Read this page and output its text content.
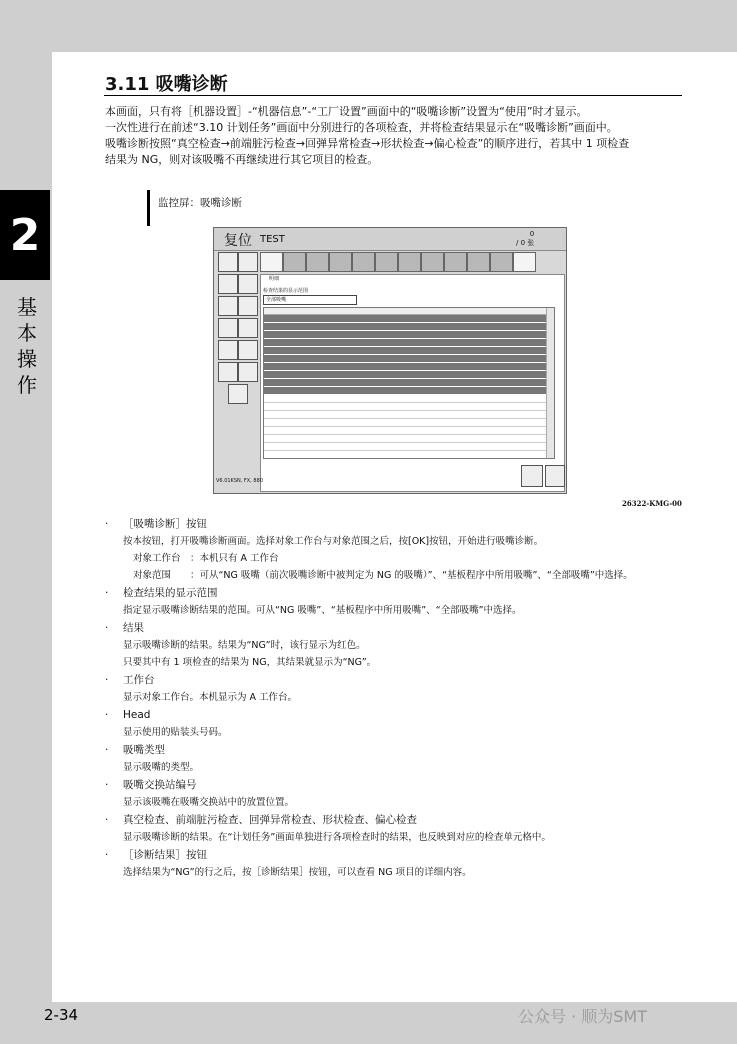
2
基本操作
3.11 吸嘴诊断

本画面，只有将［机器设置］-“机器信息”-“工厂设置”画面中的“吸嘴诊断”设置为“使用”时才显示。

一次性进行在前述“3.10 计划任务”画面中分别进行的各项检查，并将检查结果显示在“吸嘴诊断”画面中。

吸嘴诊断按照“真空检查→前端脏污检查→回弹异常检查→形状检查→偏心检查”的顺序进行，若其中 1 项检查

结果为 NG，则对该吸嘴不再继续进行其它项目的检查。

监控屏：吸嘴诊断
复位 TEST	0
/ 0 张
明细
检查结果的显示范围
全部吸嘴
V6.01KSN, FX, 880
26322-KMG-00
· ［吸嘴诊断］按钮
按本按钮，打开吸嘴诊断画面。选择对象工作台与对象范围之后，按[OK]按钮，开始进行吸嘴诊断。
对象工作台　：本机只有 A 工作台
对象范围　　：可从“NG 吸嘴（前次吸嘴诊断中被判定为 NG 的吸嘴）”、“基板程序中所用吸嘴”、“全部吸嘴”中选择。
· 检查结果的显示范围
指定显示吸嘴诊断结果的范围。可从“NG 吸嘴”、“基板程序中所用吸嘴”、“全部吸嘴”中选择。
· 结果
显示吸嘴诊断的结果。结果为“NG”时，该行显示为红色。
只要其中有 1 项检查的结果为 NG，其结果就显示为“NG”。
· 工作台
显示对象工作台。本机显示为 A 工作台。
· Head
显示使用的贴装头号码。
· 吸嘴类型
显示吸嘴的类型。
· 吸嘴交换站编号
显示该吸嘴在吸嘴交换站中的放置位置。
· 真空检查、前端脏污检查、回弹异常检查、形状检查、偏心检查
显示吸嘴诊断的结果。在“计划任务”画面单独进行各项检查时的结果，也反映到对应的检查单元格中。
· ［诊断结果］按钮
选择结果为“NG”的行之后，按［诊断结果］按钮，可以查看 NG 项目的详细内容。
2-34	公众号 · 顺为SMT
